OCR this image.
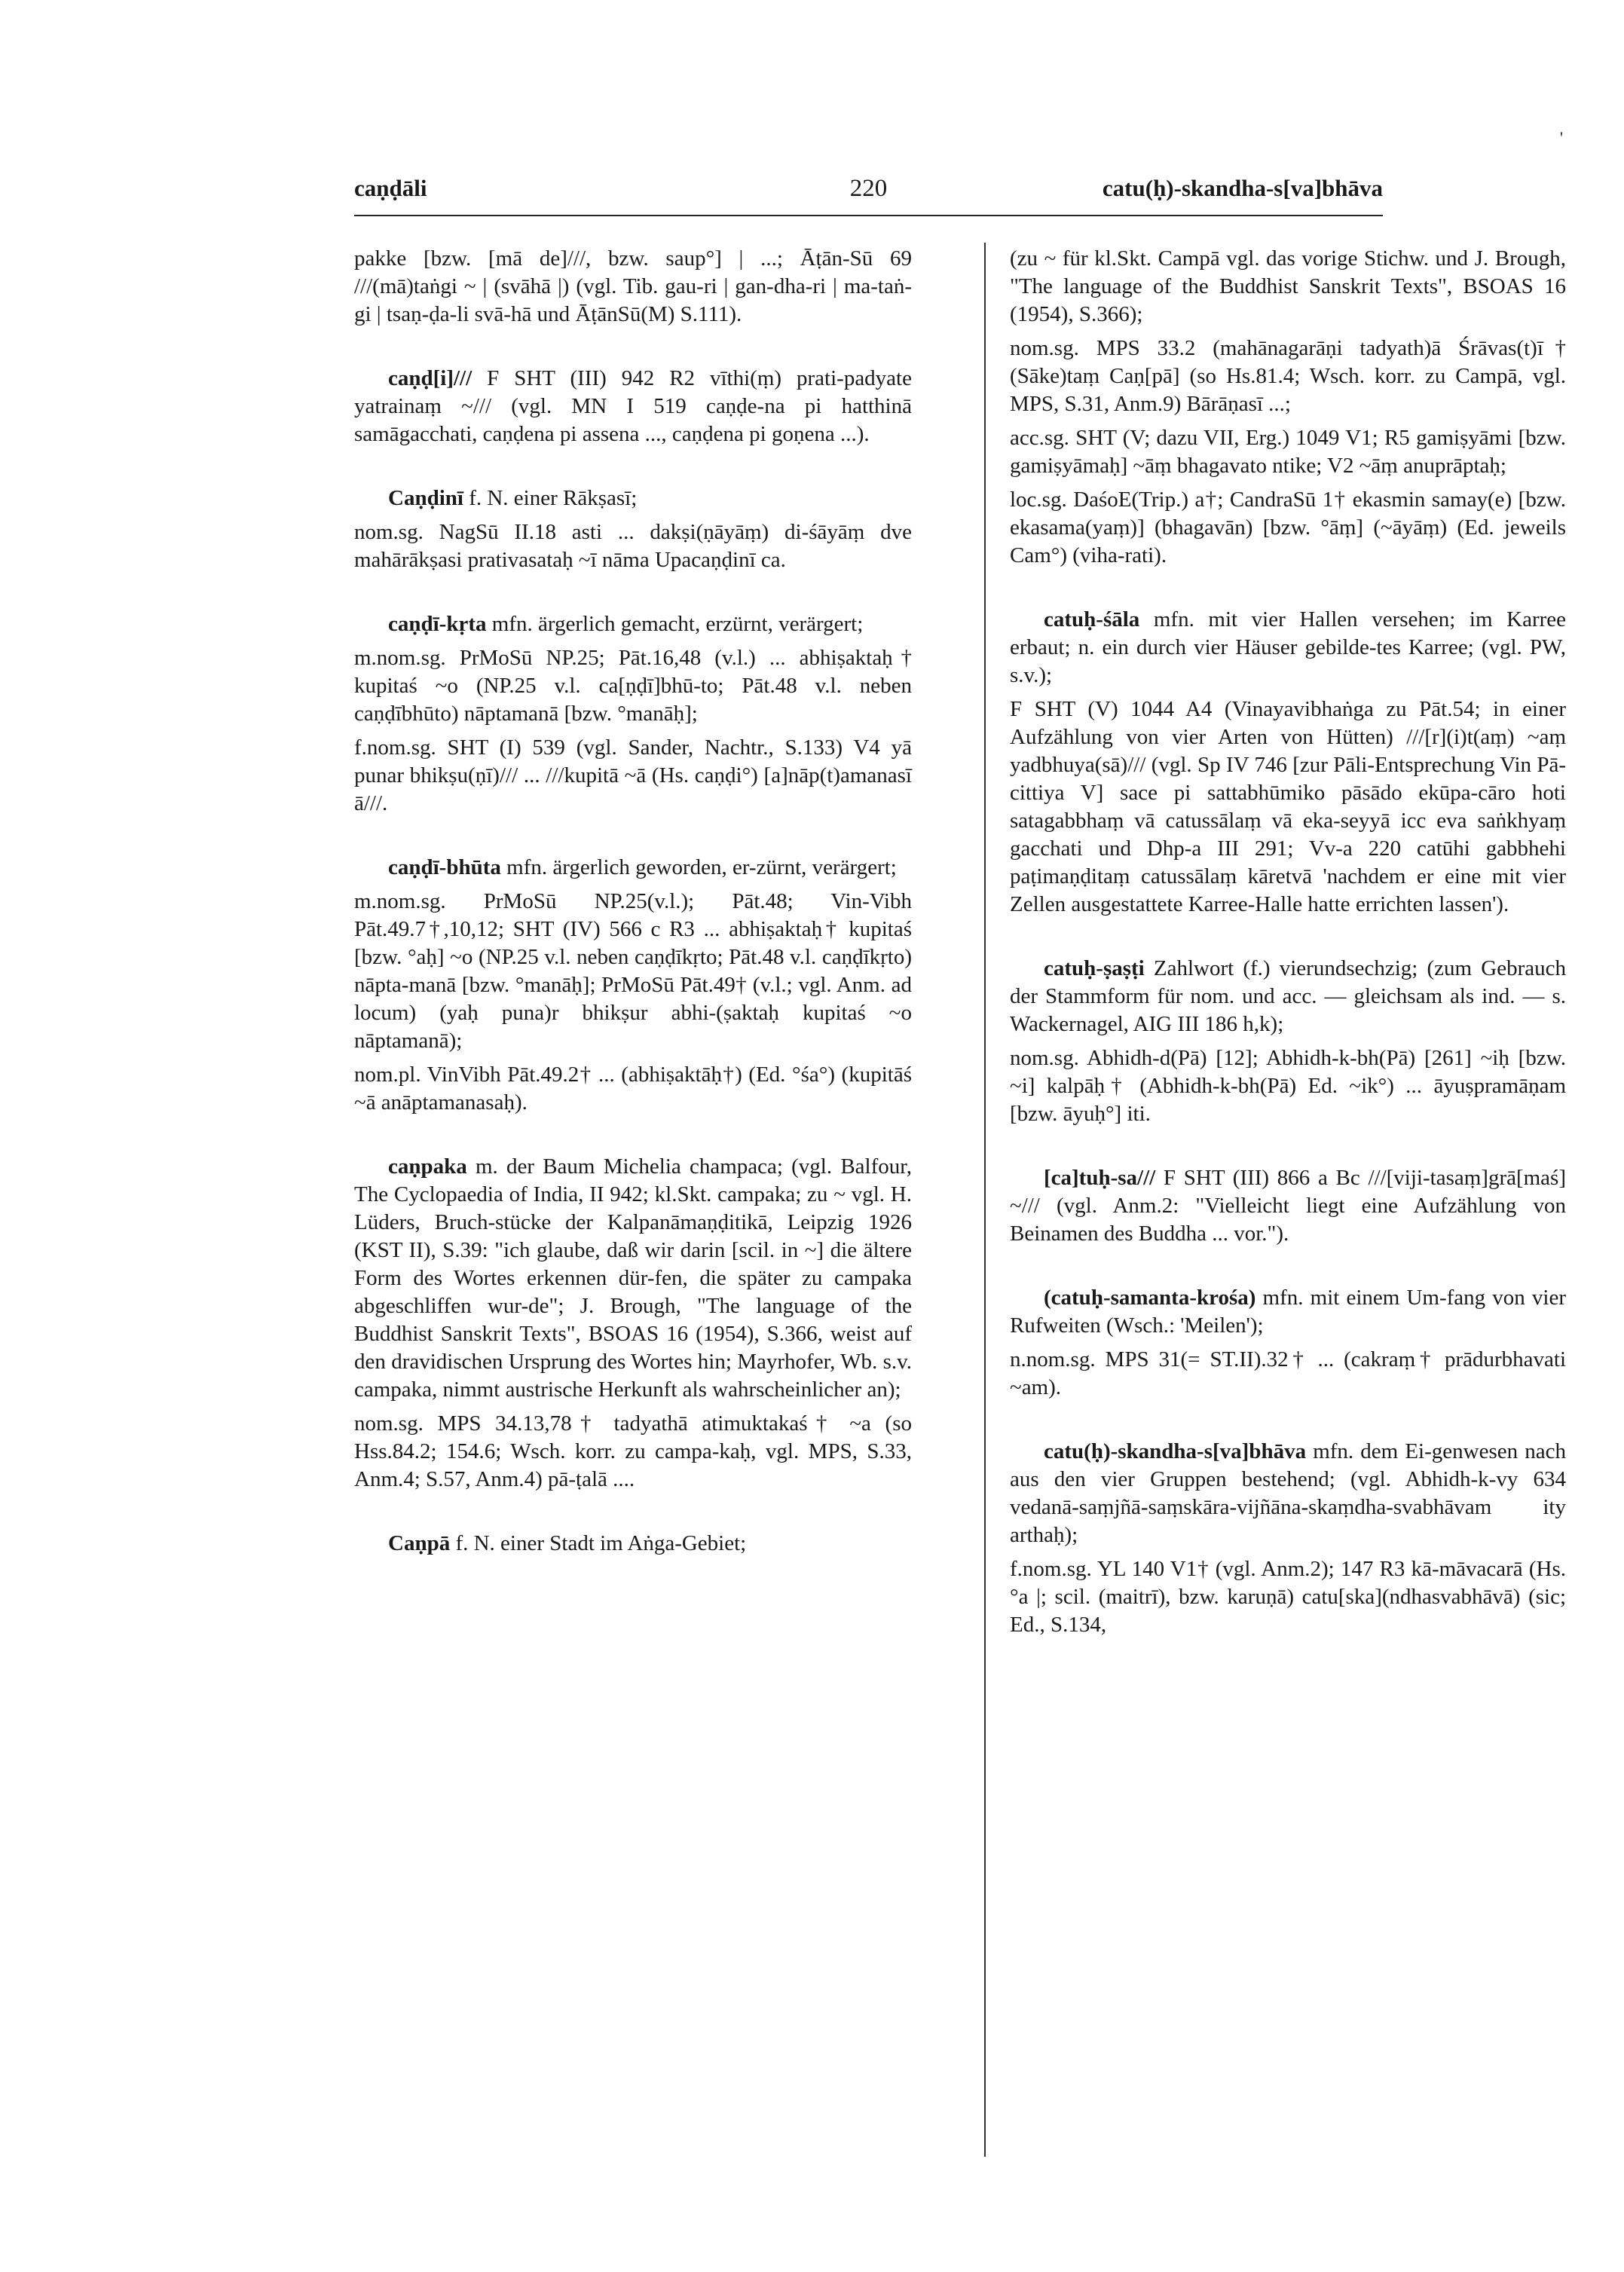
'
caṇḍāli	220	catu(ḥ)-skandha-s[va]bhāva

pakke [bzw. [mā de]///, bzw. saup°] | ...; Āṭān-Sū 69 ///(mā)taṅgi ~ | (svāhā |) (vgl. Tib. gau-ri | gan-dha-ri | ma-taṅ-gi | tsaṇ-ḍa-li svā-hā und ĀṭānSū(M) S.111).

caṇḍ[i]/// F SHT (III) 942 R2 vīthi(ṃ) prati-padyate yatrainaṃ ~/// (vgl. MN I 519 caṇḍe-na pi hatthinā samāgacchati, caṇḍena pi assena ..., caṇḍena pi goṇena ...).

Caṇḍinī f. N. einer Rākṣasī;

nom.sg. NagSū II.18 asti ... dakṣi(ṇāyāṃ) di-śāyāṃ dve mahārākṣasi prativasataḥ ~ī nāma Upacaṇḍinī ca.

caṇḍī-kṛta mfn. ärgerlich gemacht, erzürnt, verärgert;

m.nom.sg. PrMoSū NP.25; Pāt.16,48 (v.l.) ... abhiṣaktaḥ† kupitaś ~o (NP.25 v.l. ca[ṇḍī]bhū-to; Pāt.48 v.l. neben caṇḍībhūto) nāptamanā [bzw. °manāḥ];

f.nom.sg. SHT (I) 539 (vgl. Sander, Nachtr., S.133) V4 yā punar bhikṣu(ṇī)/// ... ///kupitā ~ā (Hs. caṇḍi°) [a]nāp(t)amanasī ā///.

caṇḍī-bhūta mfn. ärgerlich geworden, er-zürnt, verärgert;

m.nom.sg. PrMoSū NP.25(v.l.); Pāt.48; Vin-Vibh Pāt.49.7†,10,12; SHT (IV) 566 c R3 ... abhiṣaktaḥ† kupitaś [bzw. °aḥ] ~o (NP.25 v.l. neben caṇḍīkṛto; Pāt.48 v.l. caṇḍīkṛto) nāpta-manā [bzw. °manāḥ]; PrMoSū Pāt.49† (v.l.; vgl. Anm. ad locum) (yaḥ puna)r bhikṣur abhi-(ṣaktaḥ kupitaś ~o nāptamanā);

nom.pl. VinVibh Pāt.49.2† ... (abhiṣaktāḥ†) (Ed. °śa°) (kupitāś ~ā anāptamanasaḥ).

caṇpaka m. der Baum Michelia champaca; (vgl. Balfour, The Cyclopaedia of India, II 942; kl.Skt. campaka; zu ~ vgl. H. Lüders, Bruch-stücke der Kalpanāmaṇḍitikā, Leipzig 1926 (KST II), S.39: "ich glaube, daß wir darin [scil. in ~] die ältere Form des Wortes erkennen dür-fen, die später zu campaka abgeschliffen wur-de"; J. Brough, "The language of the Buddhist Sanskrit Texts", BSOAS 16 (1954), S.366, weist auf den dravidischen Ursprung des Wortes hin; Mayrhofer, Wb. s.v. campaka, nimmt austrische Herkunft als wahrscheinlicher an);

nom.sg. MPS 34.13,78† tadyathā atimuktakaś† ~a (so Hss.84.2; 154.6; Wsch. korr. zu campa-kaḥ, vgl. MPS, S.33, Anm.4; S.57, Anm.4) pā-ṭalā ....

Caṇpā f. N. einer Stadt im Aṅga-Gebiet;

(zu ~ für kl.Skt. Campā vgl. das vorige Stichw. und J. Brough, "The language of the Buddhist Sanskrit Texts", BSOAS 16 (1954), S.366);

nom.sg. MPS 33.2 (mahānagarāṇi tadyath)ā Śrāvas(t)ī† (Sāke)taṃ Caṇ[pā] (so Hs.81.4; Wsch. korr. zu Campā, vgl. MPS, S.31, Anm.9) Bārāṇasī ...;

acc.sg. SHT (V; dazu VII, Erg.) 1049 V1; R5 gamiṣyāmi [bzw. gamiṣyāmaḥ] ~āṃ bhagavato ntike; V2 ~āṃ anuprāptaḥ;

loc.sg. DaśoE(Trip.) a†; CandraSū 1† ekasmin samay(e) [bzw. ekasama(yaṃ)] (bhagavān) [bzw. °āṃ] (~āyāṃ) (Ed. jeweils Cam°) (viha-rati).

catuḥ-śāla mfn. mit vier Hallen versehen; im Karree erbaut; n. ein durch vier Häuser gebilde-tes Karree; (vgl. PW, s.v.);

F SHT (V) 1044 A4 (Vinayavibhaṅga zu Pāt.54; in einer Aufzählung von vier Arten von Hütten) ///[r](i)t(aṃ) ~aṃ yadbhuya(sā)/// (vgl. Sp IV 746 [zur Pāli-Entsprechung Vin Pā-cittiya V] sace pi sattabhūmiko pāsādo ekūpa-cāro hoti satagabbhaṃ vā catussālaṃ vā eka-seyyā icc eva saṅkhyaṃ gacchati und Dhp-a III 291; Vv-a 220 catūhi gabbhehi paṭimaṇḍitaṃ catussālaṃ kāretvā 'nachdem er eine mit vier Zellen ausgestattete Karree-Halle hatte errichten lassen').

catuḥ-ṣaṣṭi Zahlwort (f.) vierundsechzig; (zum Gebrauch der Stammform für nom. und acc. — gleichsam als ind. — s. Wackernagel, AIG III 186 h,k);

nom.sg. Abhidh-d(Pā) [12]; Abhidh-k-bh(Pā) [261] ~iḥ [bzw. ~i] kalpāḥ† (Abhidh-k-bh(Pā) Ed. ~ik°) ... āyuṣpramāṇam [bzw. āyuḥ°] iti.

[ca]tuḥ-sa/// F SHT (III) 866 a Bc ///[viji-tasaṃ]grā[maś] ~/// (vgl. Anm.2: "Vielleicht liegt eine Aufzählung von Beinamen des Buddha ... vor.").

(catuḥ-samanta-krośa) mfn. mit einem Um-fang von vier Rufweiten (Wsch.: 'Meilen');

n.nom.sg. MPS 31(= ST.II).32† ... (cakraṃ† prādurbhavati ~am).

catu(ḥ)-skandha-s[va]bhāva mfn. dem Ei-genwesen nach aus den vier Gruppen bestehend; (vgl. Abhidh-k-vy 634 vedanā-saṃjñā-saṃskāra-vijñāna-skaṃdha-svabhāvam ity arthaḥ);

f.nom.sg. YL 140 V1† (vgl. Anm.2); 147 R3 kā-māvacarā (Hs. °a |; scil. (maitrī), bzw. karuṇā) catu[ska](ndhasvabhāvā) (sic; Ed., S.134,
